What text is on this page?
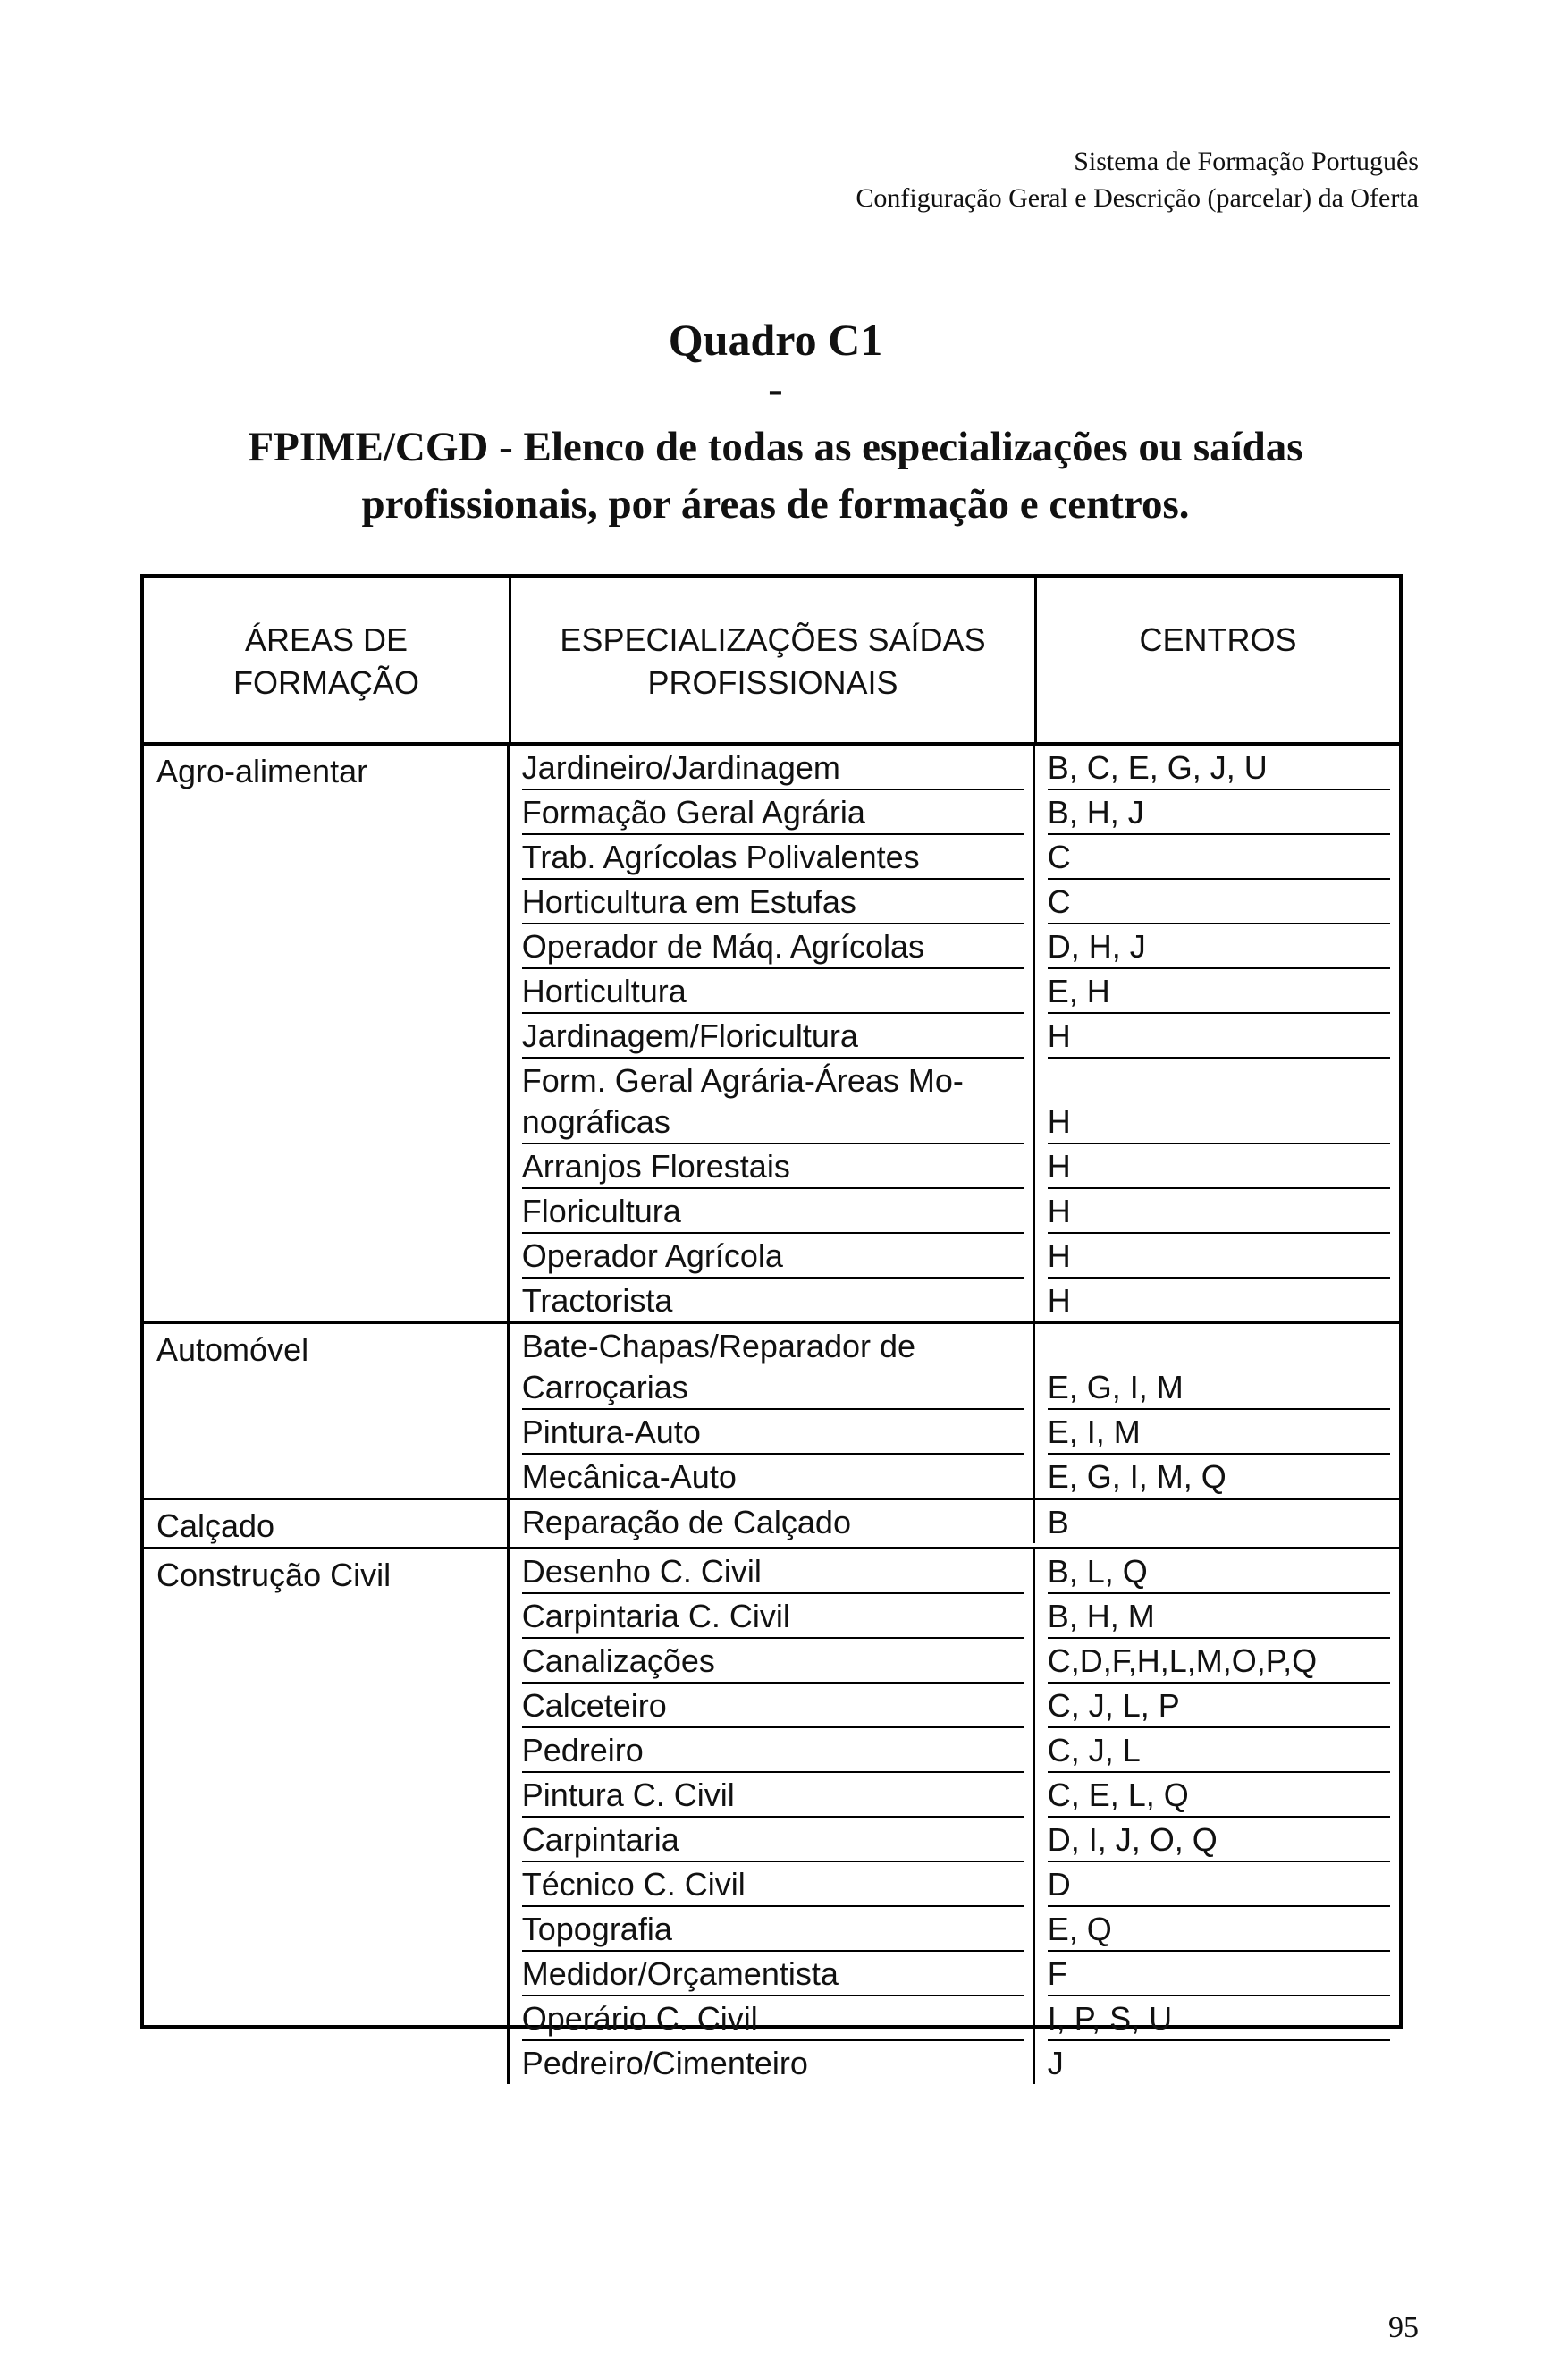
Sistema de Formação Português
Configuração Geral e Descrição (parcelar) da Oferta
Quadro C1
-
FPIME/CGD - Elenco de todas as especializações ou saídas profissionais, por áreas de formação e centros.
ÁREAS DE FORMAÇÃO
ESPECIALIZAÇÕES SAÍDAS PROFISSIONAIS
CENTROS
Agro-alimentar	Jardineiro/Jardinagem	B, C, E, G, J, U
Formação Geral Agrária	B, H, J
Trab. Agrícolas Polivalentes	C
Horticultura em Estufas	C
Operador de Máq. Agrícolas	D, H, J
Horticultura	E, H
Jardinagem/Floricultura	H
Form. Geral Agrária-Áreas Mo-nográficas	H
Arranjos Florestais	H
Floricultura	H
Operador Agrícola	H
Tractorista	H
Automóvel	Bate-Chapas/Reparador de Carroçarias	E, G, I, M
Pintura-Auto	E, I, M
Mecânica-Auto	E, G, I, M, Q
Calçado	Reparação de Calçado	B
Construção Civil	Desenho C. Civil	B, L, Q
Carpintaria C. Civil	B, H, M
Canalizações	C,D,F,H,L,M,O,P,Q
Calceteiro	C, J, L, P
Pedreiro	C, J, L
Pintura C. Civil	C, E, L, Q
Carpintaria	D, I, J, O, Q
Técnico C. Civil	D
Topografia	E, Q
Medidor/Orçamentista	F
Operário C. Civil	I, P, S, U
Pedreiro/Cimenteiro	J
95
